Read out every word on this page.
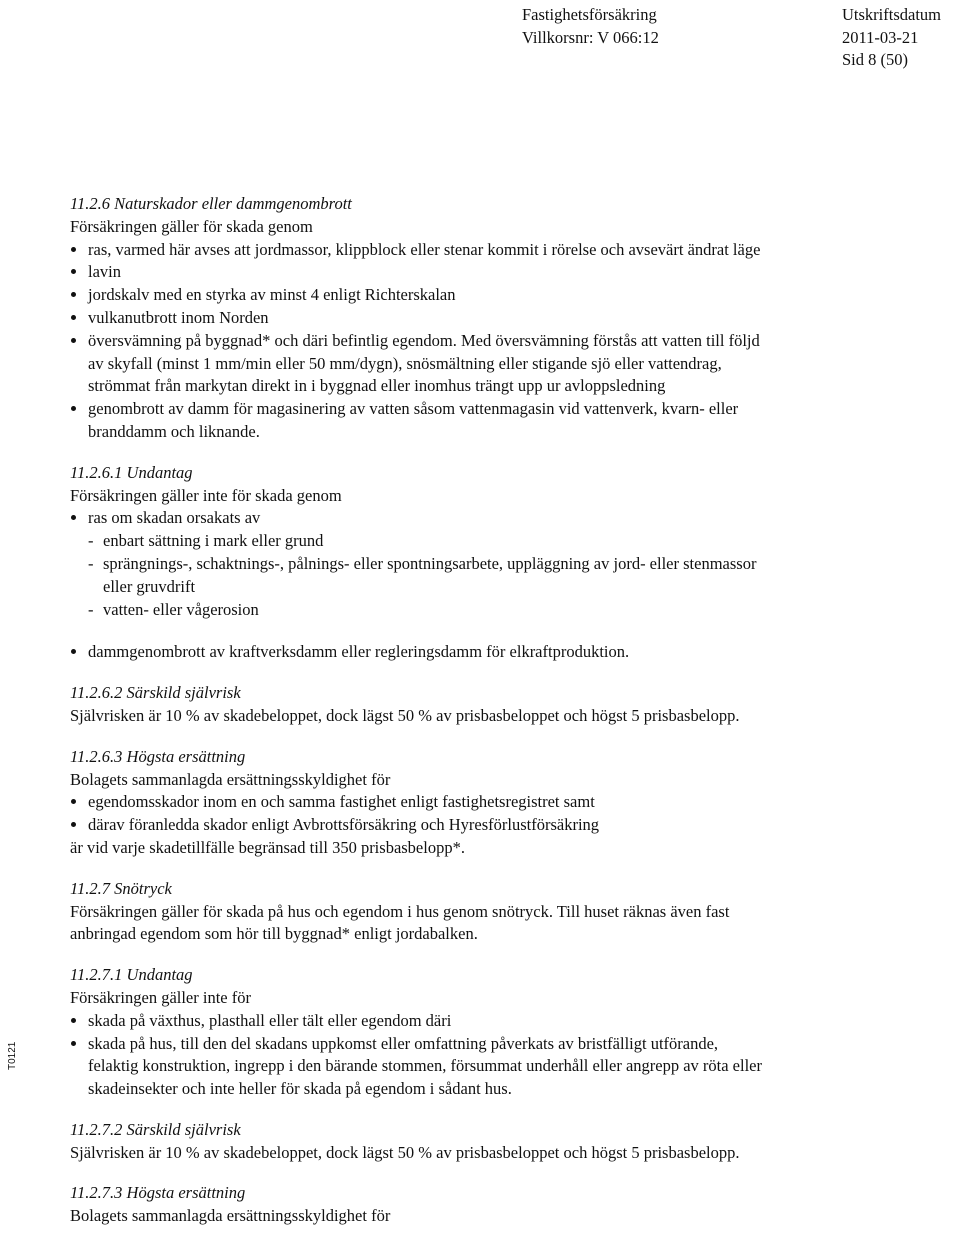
Fastighetsförsäkring
Villkorsnr: V 066:12
Utskriftsdatum
2011-03-21
Sid 8 (50)
T0121
11.2.6 Naturskador eller dammgenombrott
Försäkringen gäller för skada genom
ras, varmed här avses att jordmassor, klippblock eller stenar kommit i rörelse och avsevärt ändrat läge
lavin
jordskalv med en styrka av minst 4 enligt Richterskalan
vulkanutbrott inom Norden
översvämning på byggnad* och däri befintlig egendom. Med översvämning förstås att vatten till följd
av skyfall (minst 1 mm/min eller 50 mm/dygn), snösmältning eller stigande sjö eller vattendrag,
strömmat från markytan direkt in i byggnad eller inomhus trängt upp ur avloppsledning
genombrott av damm för magasinering av vatten såsom vattenmagasin vid vattenverk, kvarn- eller
branddamm och liknande.
11.2.6.1 Undantag
Försäkringen gäller inte för skada genom
ras om skadan orsakats av
- enbart sättning i mark eller grund
- sprängnings-, schaktnings-, pålnings- eller spontningsarbete, uppläggning av jord- eller stenmassor
eller gruvdrift
- vatten- eller vågerosion
dammgenombrott av kraftverksdamm eller regleringsdamm för elkraftproduktion.
11.2.6.2 Särskild självrisk
Självrisken är 10 % av skadebeloppet, dock lägst 50 % av prisbasbeloppet och högst 5 prisbasbelopp.
11.2.6.3 Högsta ersättning
Bolagets sammanlagda ersättningsskyldighet för
egendomsskador inom en och samma fastighet enligt fastighetsregistret samt
därav föranledda skador enligt Avbrottsförsäkring och Hyresförlustförsäkring
är vid varje skadetillfälle begränsad till 350 prisbasbelopp*.
11.2.7 Snötryck
Försäkringen gäller för skada på hus och egendom i hus genom snötryck. Till huset räknas även fast
anbringad egendom som hör till byggnad* enligt jordabalken.
11.2.7.1 Undantag
Försäkringen gäller inte för
skada på växthus, plasthall eller tält eller egendom däri
skada på hus, till den del skadans uppkomst eller omfattning påverkats av bristfälligt utförande,
felaktig konstruktion, ingrepp i den bärande stommen, försummat underhåll eller angrepp av röta eller
skadeinsekter och inte heller för skada på egendom i sådant hus.
11.2.7.2 Särskild självrisk
Självrisken är 10 % av skadebeloppet, dock lägst 50 % av prisbasbeloppet och högst 5 prisbasbelopp.
11.2.7.3 Högsta ersättning
Bolagets sammanlagda ersättningsskyldighet för
